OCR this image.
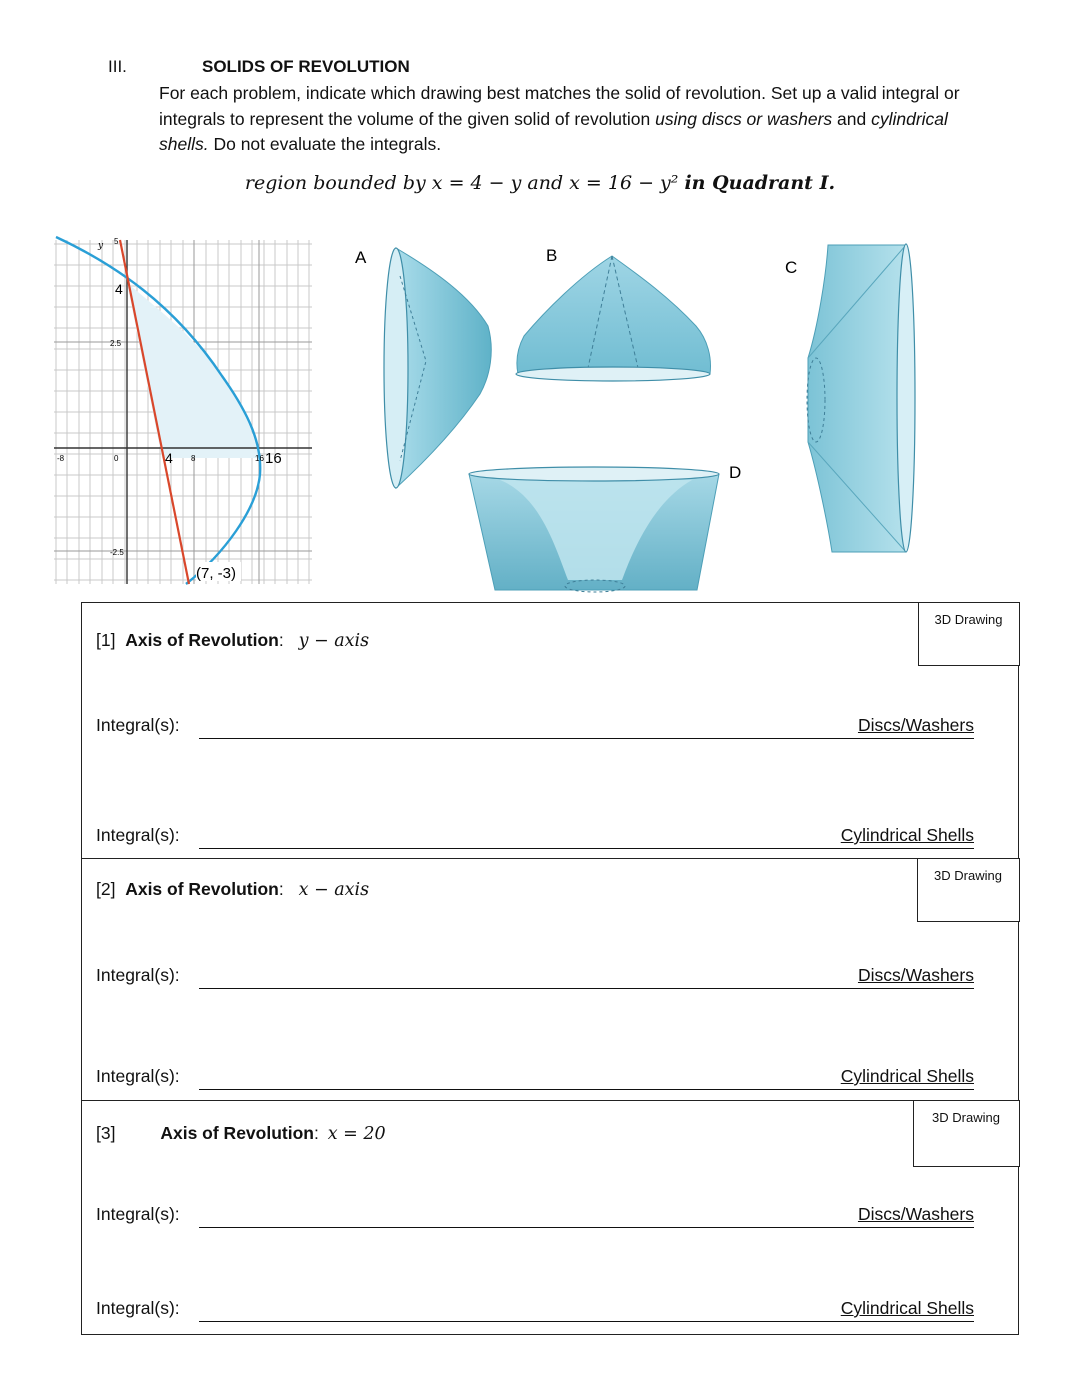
III.	SOLIDS OF REVOLUTION
For each problem, indicate which drawing best matches the solid of revolution. Set up a valid integral or integrals to represent the volume of the given solid of revolution using discs or washers and cylindrical shells. Do not evaluate the integrals.
region bounded by x = 4 − y and x = 16 − y² in Quadrant I.
y 5
4
2.5
-8	0	4 8	16 16
-2.5
(7, -3)
A	B
C
D
3D Drawing
[1] Axis of Revolution: y − axis
Integral(s):	Discs/Washers
Integral(s):	Cylindrical Shells
3D Drawing
[2] Axis of Revolution: x − axis
Integral(s):	Discs/Washers
Integral(s):	Cylindrical Shells
3D Drawing
[3]	Axis of Revolution: x = 20
Integral(s):	Discs/Washers
Integral(s):	Cylindrical Shells
